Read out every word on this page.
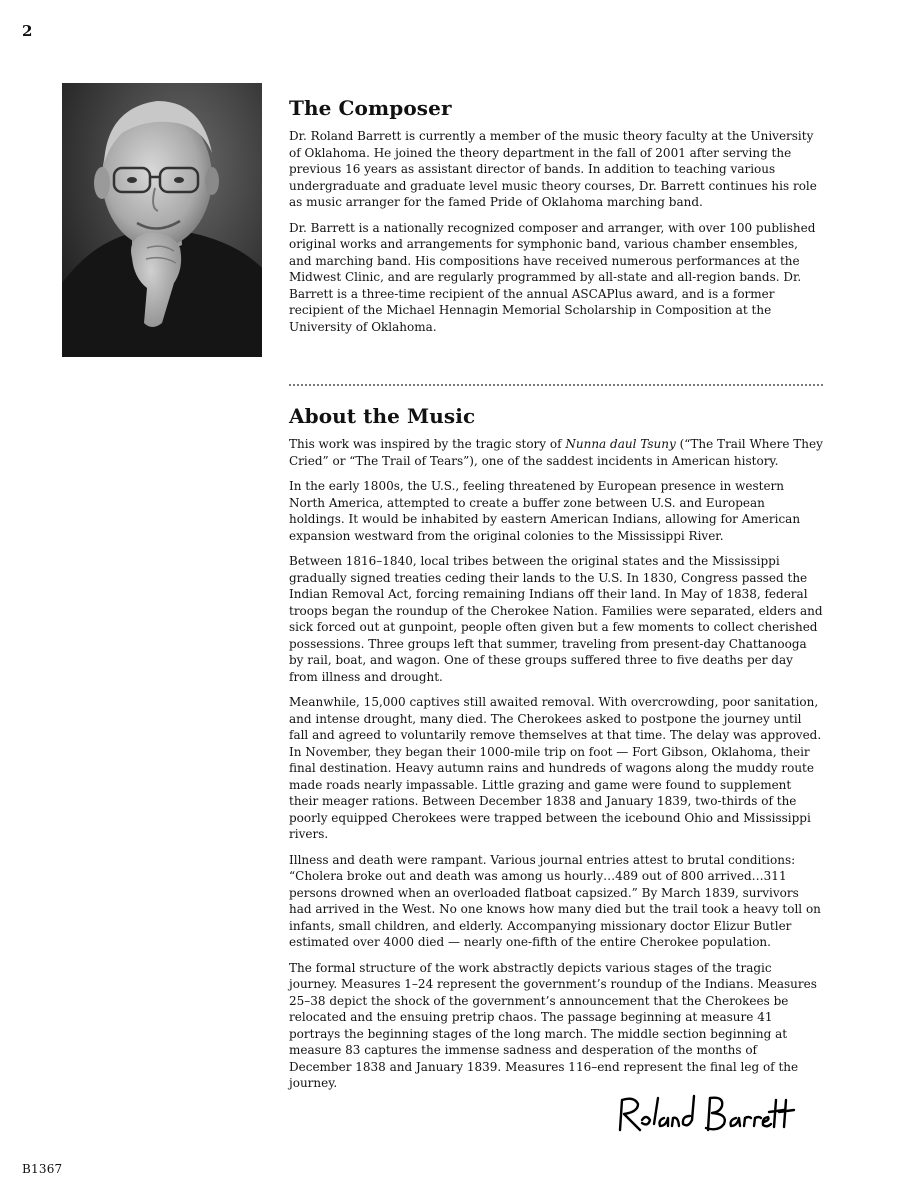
2
The Composer

Dr. Roland Barrett is currently a member of the music theory faculty at the University of Oklahoma. He joined the theory department in the fall of 2001 after serving the previous 16 years as assistant director of bands. In addition to teaching various undergraduate and graduate level music theory courses, Dr. Barrett continues his role as music arranger for the famed Pride of Oklahoma marching band.

Dr. Barrett is a nationally recognized composer and arranger, with over 100 published original works and arrangements for symphonic band, various chamber ensembles, and marching band. His compositions have received numerous performances at the Midwest Clinic, and are regularly programmed by all-state and all-region bands. Dr. Barrett is a three-time recipient of the annual ASCAPlus award, and is a former recipient of the Michael Hennagin Memorial Scholarship in Composition at the University of Oklahoma.

About the Music

This work was inspired by the tragic story of Nunna daul Tsuny (“The Trail Where They Cried” or “The Trail of Tears”), one of the saddest incidents in American history.

In the early 1800s, the U.S., feeling threatened by European presence in western North America, attempted to create a buffer zone between U.S. and European holdings. It would be inhabited by eastern American Indians, allowing for American expansion westward from the original colonies to the Mississippi River.

Between 1816–1840, local tribes between the original states and the Mississippi gradually signed treaties ceding their lands to the U.S. In 1830, Congress passed the Indian Removal Act, forcing remaining Indians off their land. In May of 1838, federal troops began the roundup of the Cherokee Nation. Families were separated, elders and sick forced out at gunpoint, people often given but a few moments to collect cherished possessions. Three groups left that summer, traveling from present-day Chattanooga by rail, boat, and wagon. One of these groups suffered three to five deaths per day from illness and drought.

Meanwhile, 15,000 captives still awaited removal. With overcrowding, poor sanitation, and intense drought, many died. The Cherokees asked to postpone the journey until fall and agreed to voluntarily remove themselves at that time. The delay was approved. In November, they began their 1000-mile trip on foot — Fort Gibson, Oklahoma, their final destination. Heavy autumn rains and hundreds of wagons along the muddy route made roads nearly impassable. Little grazing and game were found to supplement their meager rations. Between December 1838 and January 1839, two-thirds of the poorly equipped Cherokees were trapped between the icebound Ohio and Mississippi rivers.

Illness and death were rampant. Various journal entries attest to brutal conditions: “Cholera broke out and death was among us hourly…489 out of 800 arrived…311 persons drowned when an overloaded flatboat capsized.” By March 1839, survivors had arrived in the West. No one knows how many died but the trail took a heavy toll on infants, small children, and elderly. Accompanying missionary doctor Elizur Butler estimated over 4000 died — nearly one-fifth of the entire Cherokee population.

The formal structure of the work abstractly depicts various stages of the tragic journey. Measures 1–24 represent the government’s roundup of the Indians. Measures 25–38 depict the shock of the government’s announcement that the Cherokees be relocated and the ensuing pretrip chaos. The passage beginning at measure 41 portrays the beginning stages of the long march. The middle section beginning at measure 83 captures the immense sadness and desperation of the months of December 1838 and January 1839. Measures 116–end represent the final leg of the journey.

B1367
